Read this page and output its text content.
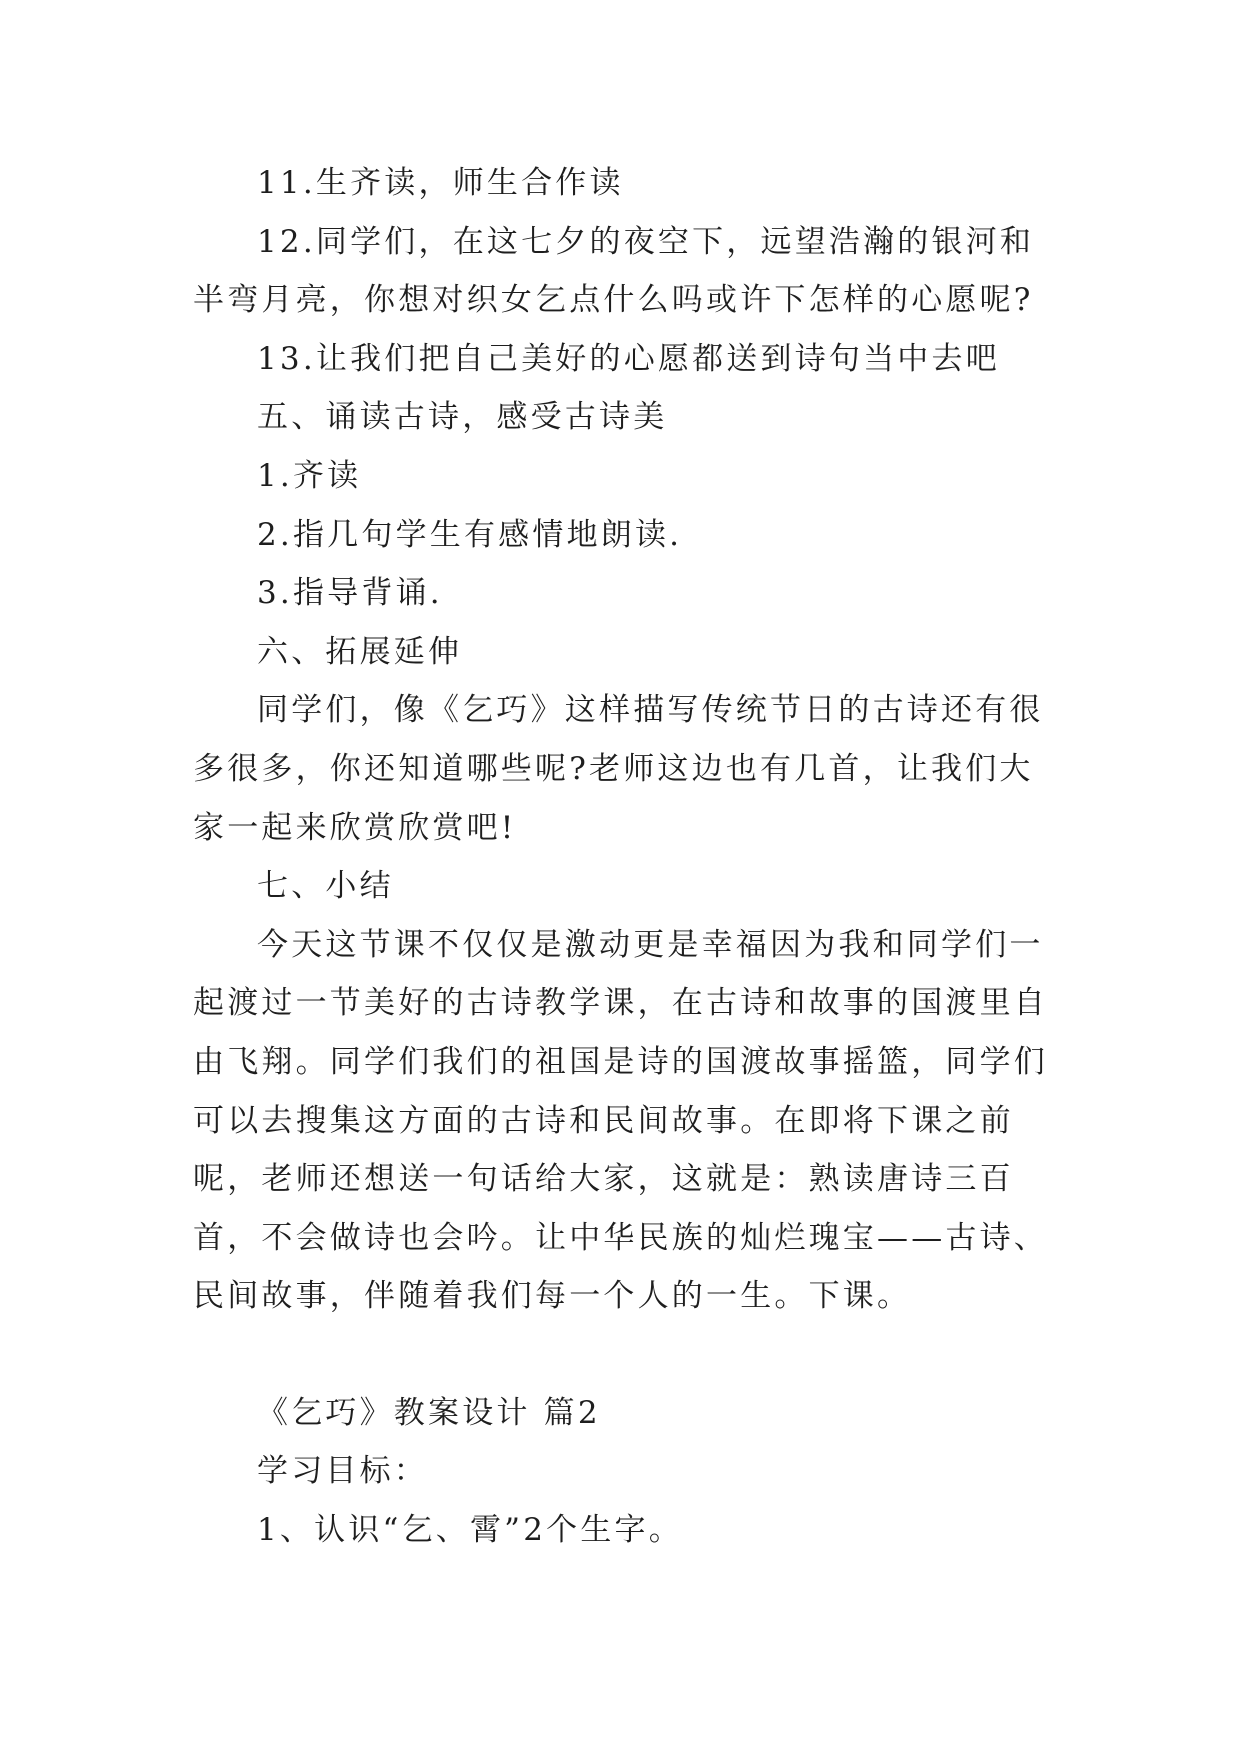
11.生齐读，师生合作读

12.同学们，在这七夕的夜空下，远望浩瀚的银河和半弯月亮，你想对织女乞点什么吗或许下怎样的心愿呢?

13.让我们把自己美好的心愿都送到诗句当中去吧

五、诵读古诗，感受古诗美

1.齐读

2.指几句学生有感情地朗读.

3.指导背诵.

六、拓展延伸

同学们，像《乞巧》这样描写传统节日的古诗还有很多很多，你还知道哪些呢?老师这边也有几首，让我们大家一起来欣赏欣赏吧!

七、小结

今天这节课不仅仅是激动更是幸福因为我和同学们一起渡过一节美好的古诗教学课，在古诗和故事的国渡里自由飞翔。同学们我们的祖国是诗的国渡故事摇篮，同学们可以去搜集这方面的古诗和民间故事。在即将下课之前呢，老师还想送一句话给大家，这就是：熟读唐诗三百首，不会做诗也会吟。让中华民族的灿烂瑰宝——古诗、民间故事，伴随着我们每一个人的一生。下课。

《乞巧》教案设计 篇2

学习目标：

1、认识“乞、霄”2个生字。
